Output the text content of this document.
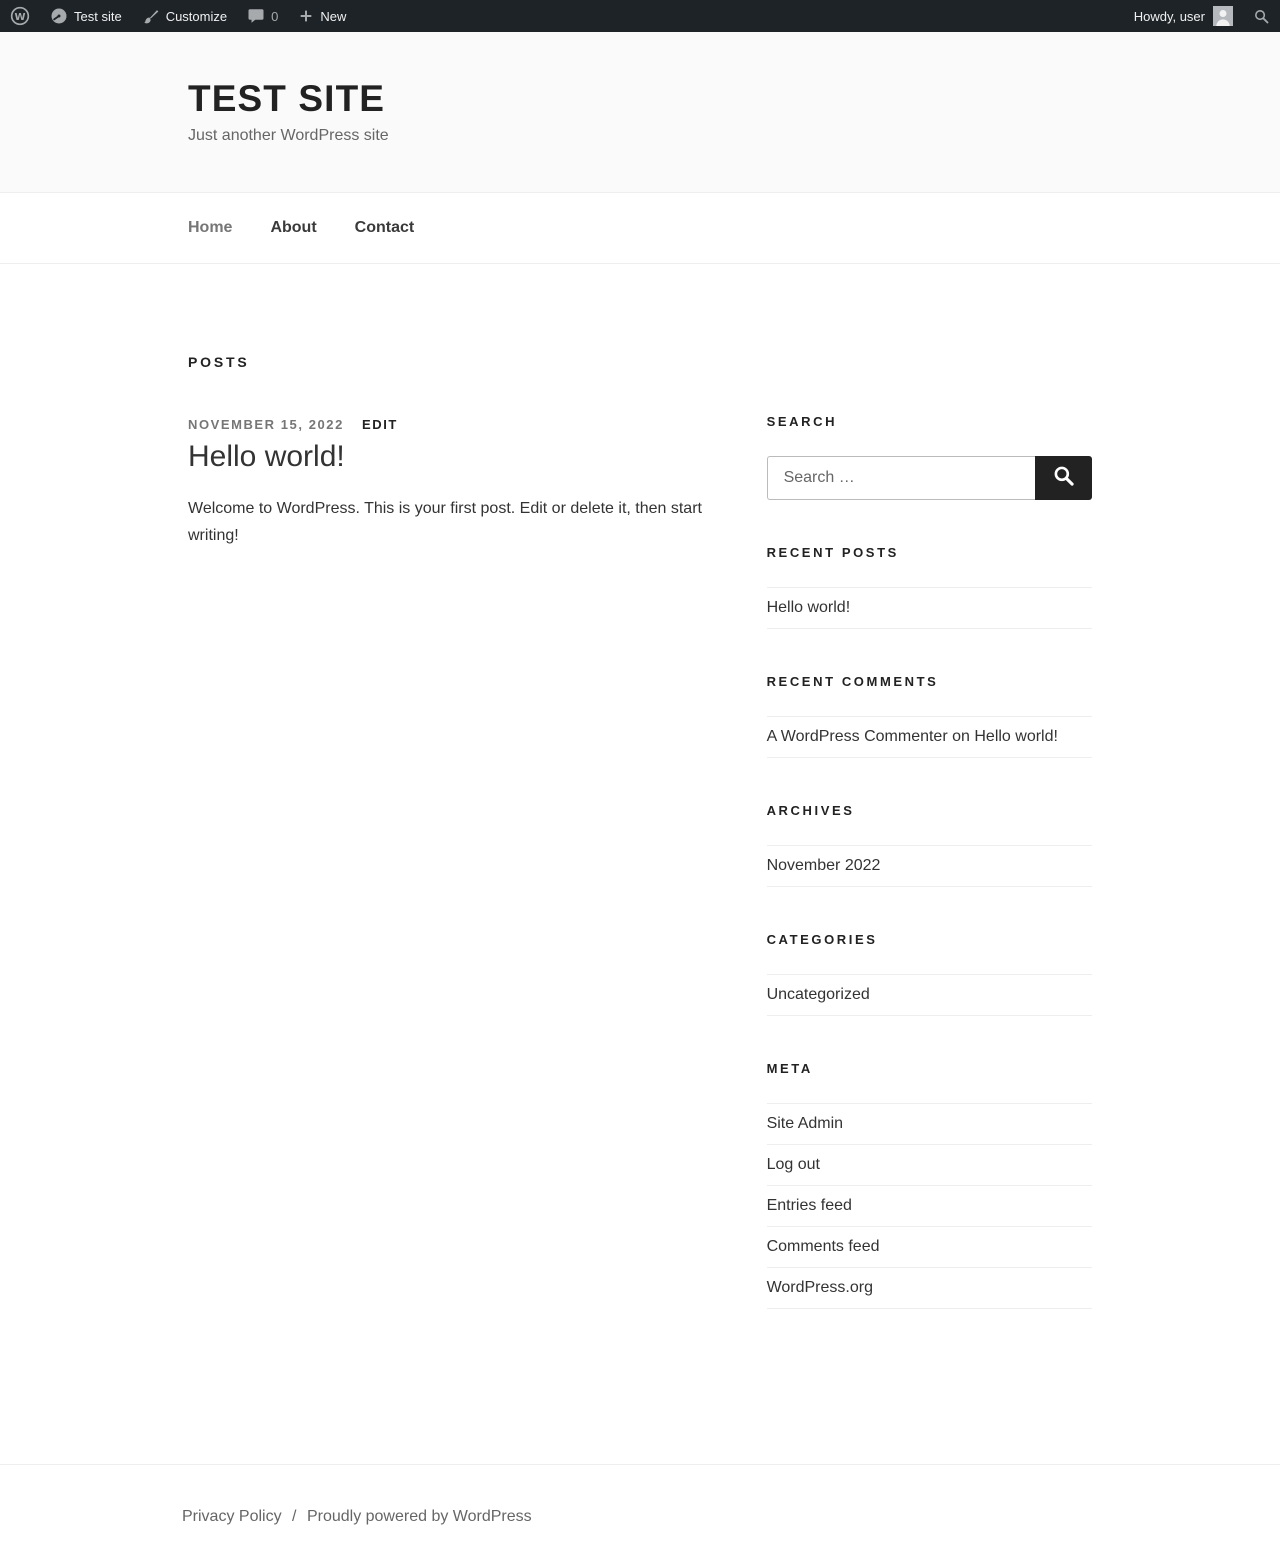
W	Test site	Customize	0	New	Howdy, user
TEST SITE

Just another WordPress site

Home About Contact
POSTS
NOVEMBER 15, 2022 EDIT
Hello world!

Welcome to WordPress. This is your first post. Edit or delete it, then start writing!

SEARCH
Search …
RECENT POSTS
Hello world!
RECENT COMMENTS
A WordPress Commenter on Hello world!
ARCHIVES
November 2022
CATEGORIES
Uncategorized
META
Site Admin
Log out
Entries feed
Comments feed
WordPress.org

Privacy Policy / Proudly powered by WordPress
